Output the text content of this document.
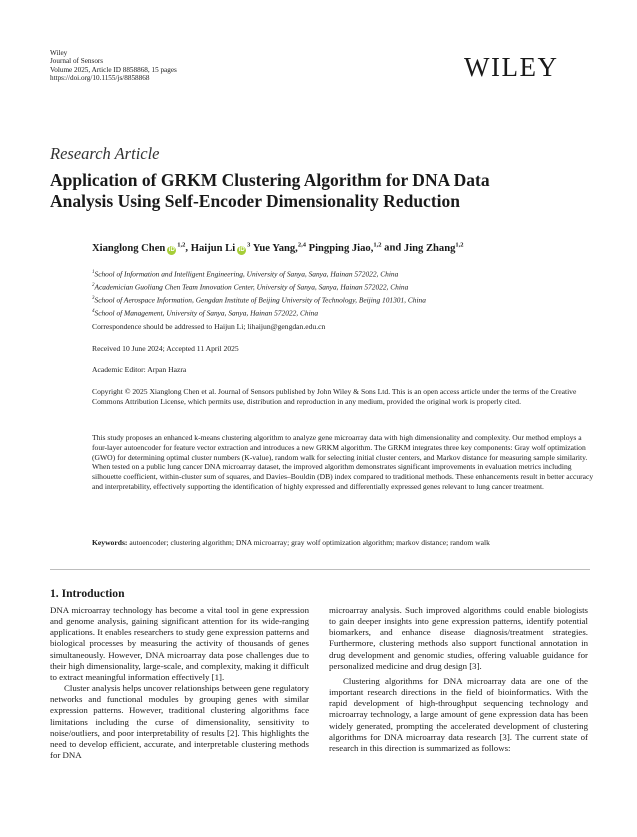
Wiley
Journal of Sensors
Volume 2025, Article ID 8858868, 15 pages
https://doi.org/10.1155/js/8858868	WILEY
Research Article
Application of GRKM Clustering Algorithm for DNA Data
Analysis Using Self-Encoder Dimensionality Reduction
Xianglong Chen iD$^{1,2}$, Haijun Li $iD^3$ Yue Yang,$^{2,4}$ Pingping Jiao,$^{1,2}$ and Jing Zhang$^{1,2}$
$^1$School of Information and Intelligent Engineering, University of Sanya, Sanya, Hainan 572022, China
$^2$Academician Guoliang Chen Team Innovation Center, University of Sanya, Sanya, Hainan 572022, China
$^3$School of Aerospace Information, Gengdan Institute of Beijing University of Technology, Beijing 101301, China
$^4$School of Management, University of Sanya, Sanya, Hainan 572022, China
Correspondence should be addressed to Haijun Li; lihaijun@gengdan.edu.cn
Received 10 June 2024; Accepted 11 April 2025
Academic Editor: Arpan Hazra
Copyright © 2025 Xianglong Chen et al. Journal of Sensors published by John Wiley & Sons Ltd. This is an open access article under the terms of the Creative Commons Attribution License, which permits use, distribution and reproduction in any medium, provided the original work is properly cited.
This study proposes an enhanced k-means clustering algorithm to analyze gene microarray data with high dimensionality and complexity. Our method employs a four-layer autoencoder for feature vector extraction and introduces a new GRKM algorithm. The GRKM integrates three key components: Gray wolf optimization (GWO) for determining optimal cluster numbers (K-value), random walk for selecting initial cluster centers, and Markov distance for measuring sample similarity. When tested on a public lung cancer DNA microarray dataset, the improved algorithm demonstrates significant improvements in evaluation metrics including silhouette coefficient, within-cluster sum of squares, and Davies–Bouldin (DB) index compared to traditional methods. These enhancements result in better accuracy and interpretability, effectively supporting the identification of highly expressed and differentially expressed genes relevant to lung cancer treatment.
Keywords: autoencoder; clustering algorithm; DNA microarray; gray wolf optimization algorithm; markov distance; random walk
1. Introduction

DNA microarray technology has become a vital tool in gene expression and genome analysis, gaining significant attention for its wide-ranging applications. It enables researchers to study gene expression patterns and biological processes by measuring the activity of thousands of genes simultaneously. However, DNA microarray data pose challenges due to their high dimensionality, large-scale, and complexity, making it difficult to extract meaningful information effectively [1].

Cluster analysis helps uncover relationships between gene regulatory networks and functional modules by grouping genes with similar expression patterns. However, traditional clustering algorithms face limitations including the curse of dimensionality, sensitivity to noise/outliers, and poor interpretability of results [2]. This highlights the need to develop efficient, accurate, and interpretable clustering methods for DNA

microarray analysis. Such improved algorithms could enable biologists to gain deeper insights into gene expression patterns, identify potential biomarkers, and enhance disease diagnosis/treatment strategies. Furthermore, clustering methods also support functional annotation in drug development and genomic studies, offering valuable guidance for personalized medicine and drug design [3].

Clustering algorithms for DNA microarray data are one of the important research directions in the field of bioinformatics. With the rapid development of high-throughput sequencing technology and microarray technology, a large amount of gene expression data has been widely generated, prompting the accelerated development of clustering algorithms for DNA microarray data research [3]. The current state of research in this direction is summarized as follows:
